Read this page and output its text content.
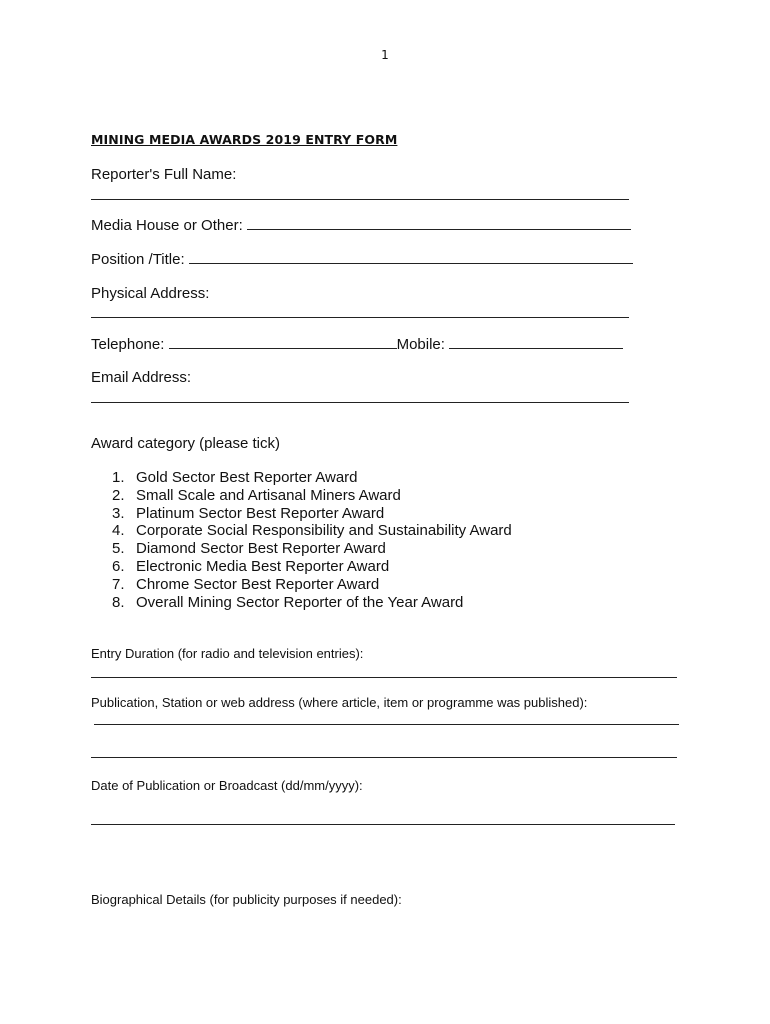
1
MINING MEDIA AWARDS 2019 ENTRY FORM
Reporter's Full Name:
Media House or Other:
Position /Title:
Physical Address:
Telephone:	Mobile:
Email Address:
Award category (please tick)
1. Gold Sector Best Reporter Award
2. Small Scale and Artisanal Miners Award
3. Platinum Sector Best Reporter Award
4. Corporate Social Responsibility and Sustainability Award
5. Diamond Sector Best Reporter Award
6. Electronic Media Best Reporter Award
7. Chrome Sector Best Reporter Award
8. Overall Mining Sector Reporter of the Year Award
Entry Duration (for radio and television entries):
Publication, Station or web address (where article, item or programme was published):
Date of Publication or Broadcast (dd/mm/yyyy):
Biographical Details (for publicity purposes if needed):
